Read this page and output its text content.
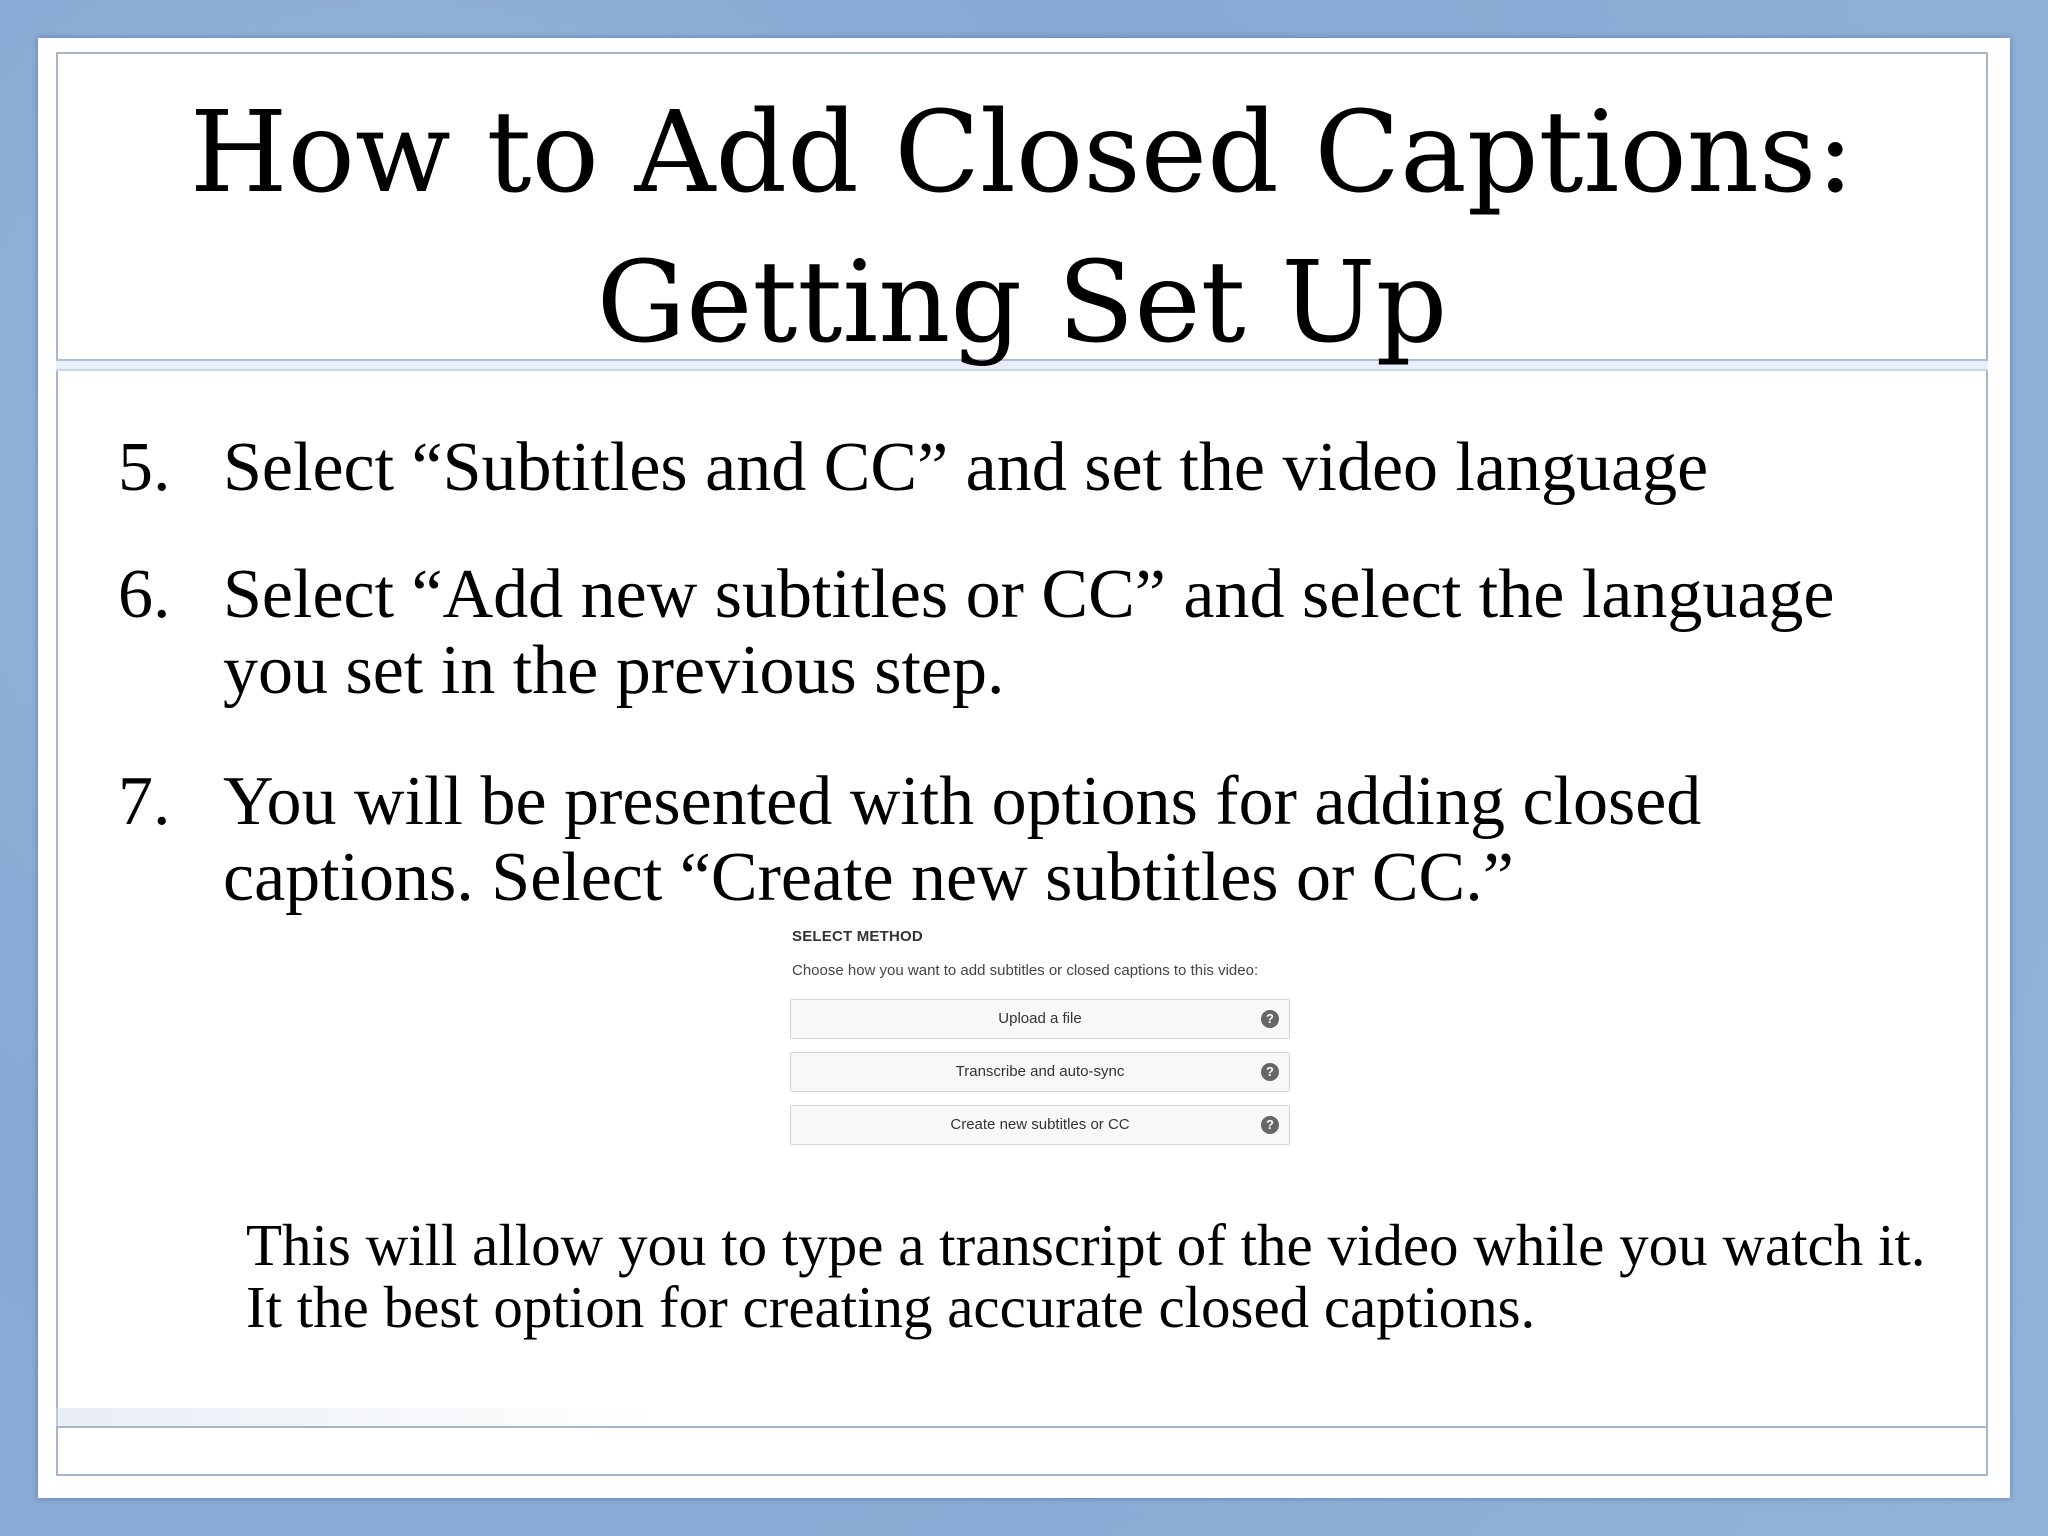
How to Add Closed Captions:
Getting Set Up
5. Select “Subtitles and CC” and set the video language
6. Select “Add new subtitles or CC” and select the language you set in the previous step.
7. You will be presented with options for adding closed captions. Select “Create new subtitles or CC.”
SELECT METHOD
Choose how you want to add subtitles or closed captions to this video:
Upload a file	?
Transcribe and auto-sync	?
Create new subtitles or CC	?
This will allow you to type a transcript of the video while you watch it. It the best option for creating accurate closed captions.
